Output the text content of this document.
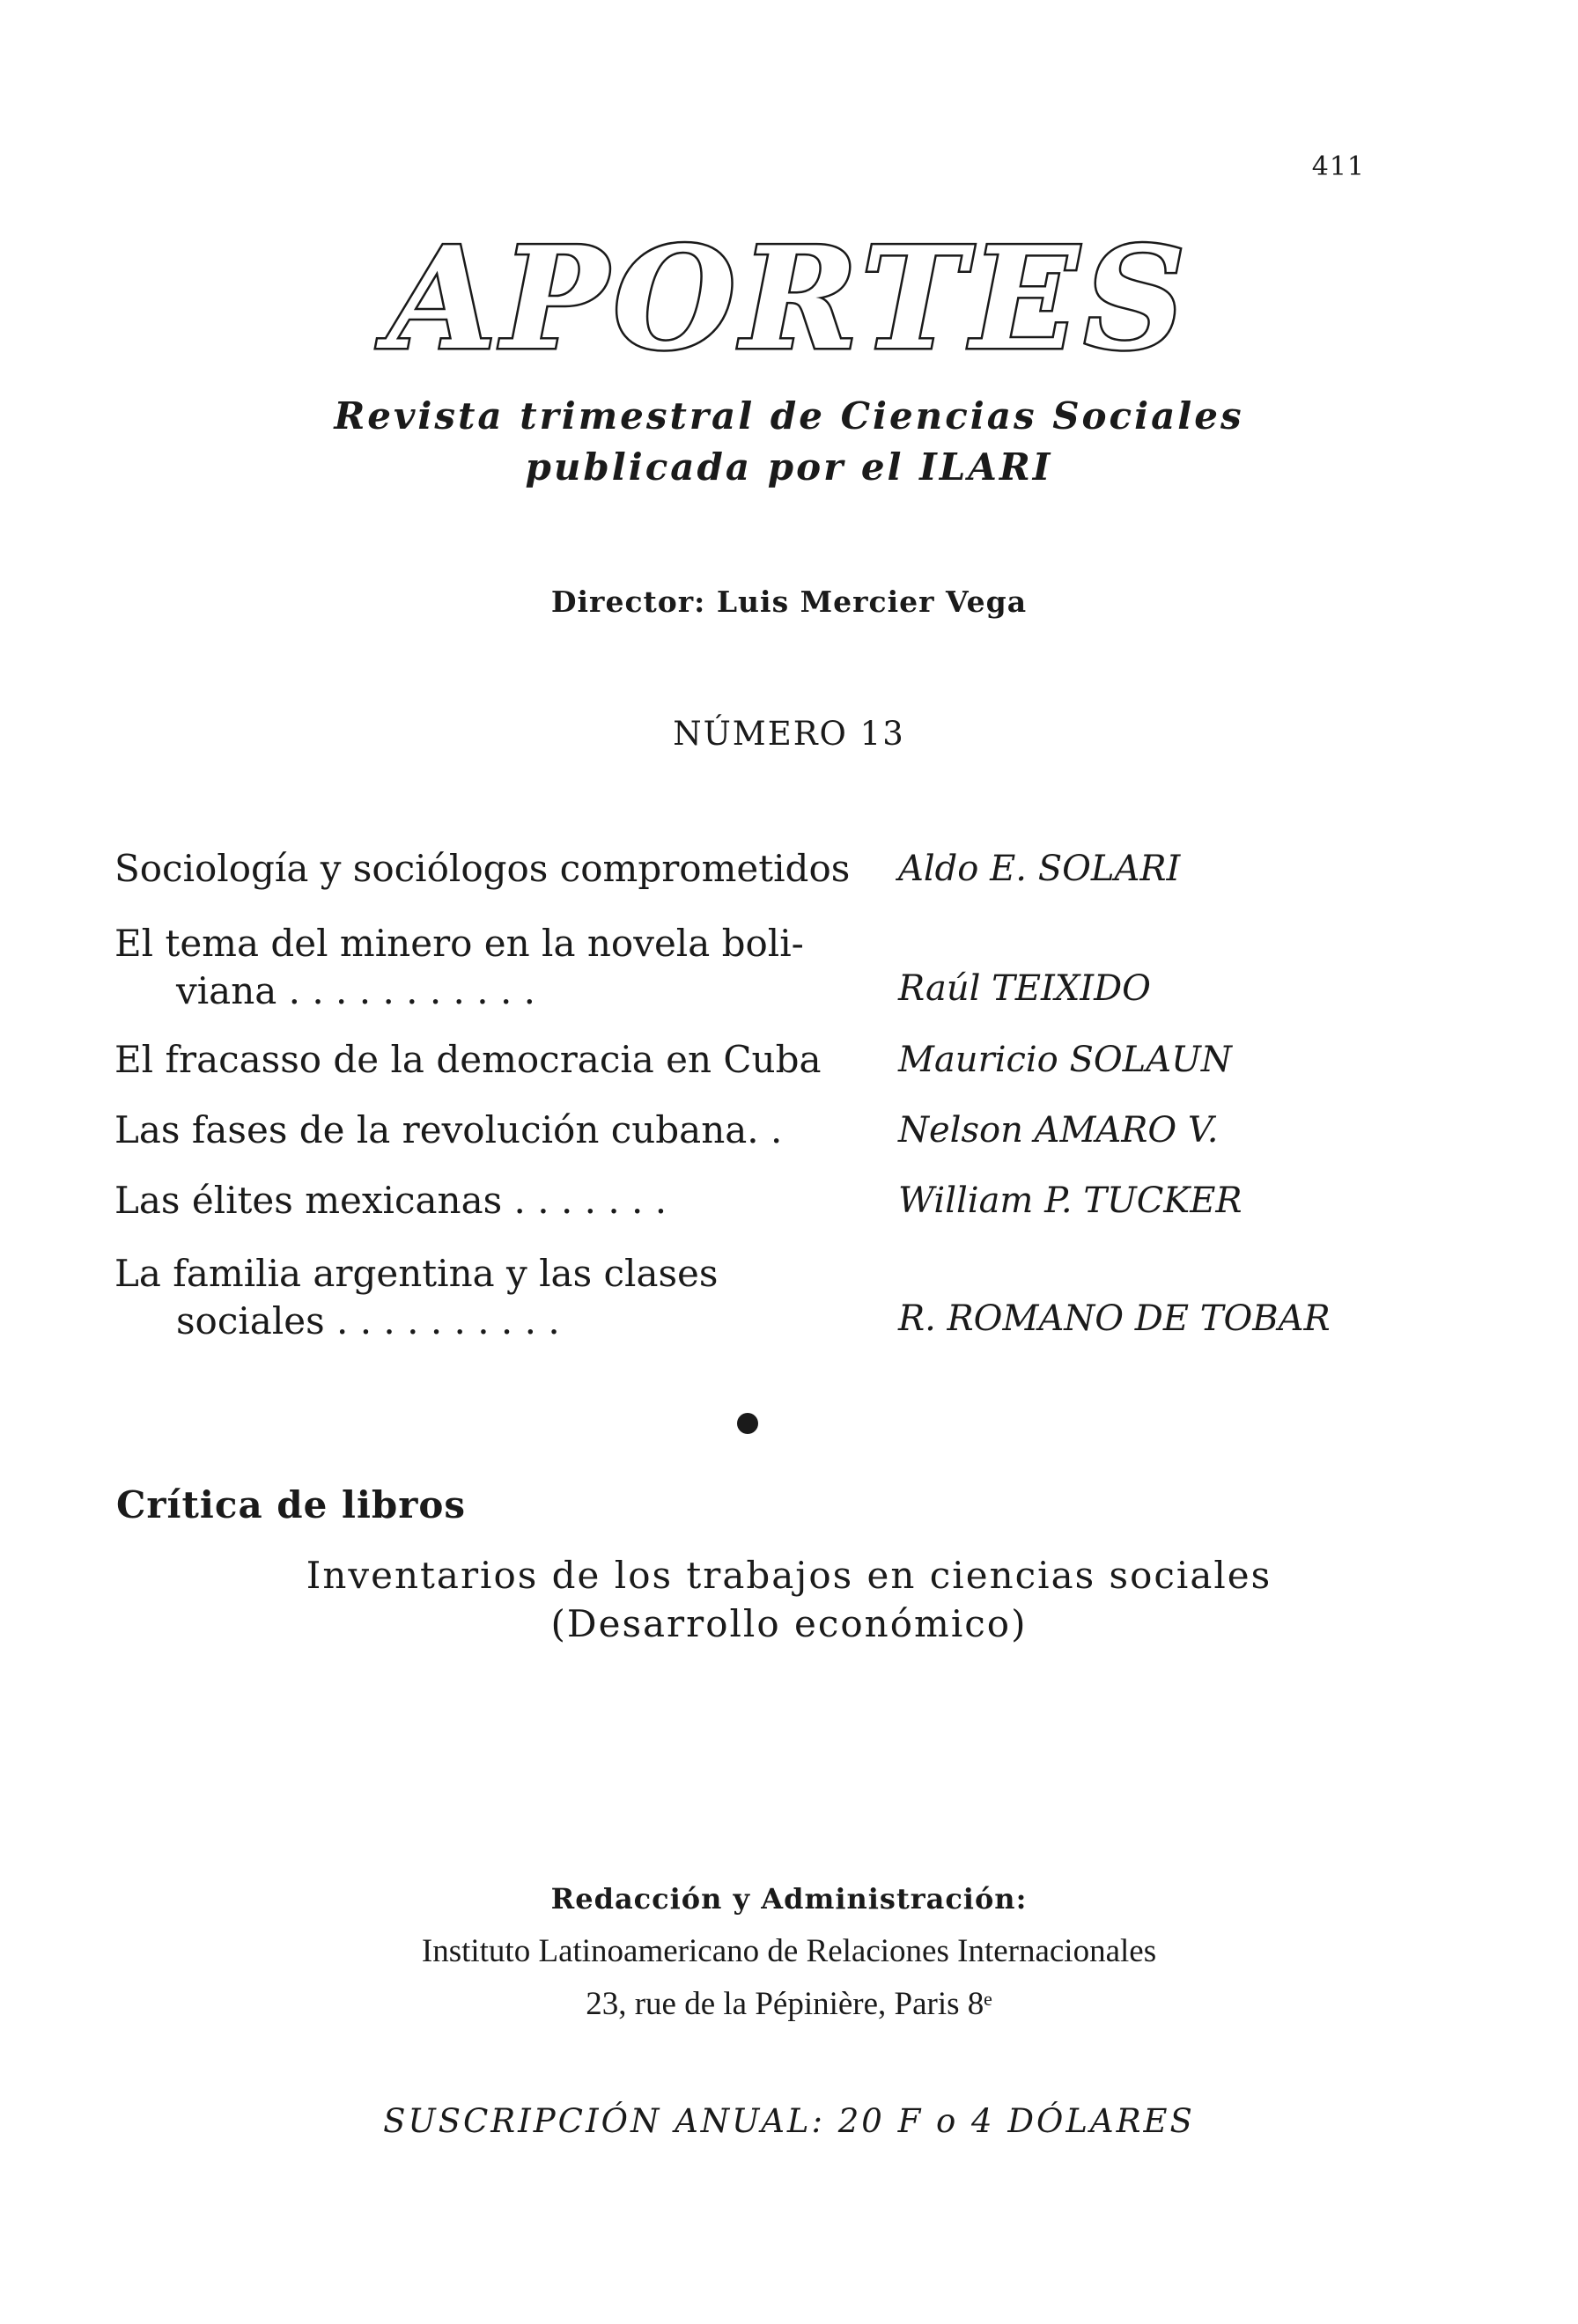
411
APORTES
Revista trimestral de Ciencias Sociales
publicada por el ILARI
Director: Luis Mercier Vega
NÚMERO 13
Sociología y sociólogos comprometidos Aldo E. SOLARI
El tema del minero en la novela boli-
viana . . . . . . . . . . .	Raúl TEIXIDO
El fracasso de la democracia en Cuba Mauricio SOLAUN
Las fases de la revolución cubana. .	Nelson AMARO V.
Las élites mexicanas . . . . . . .	William P. TUCKER
La familia argentina y las clases
sociales . . . . . . . . . .	R. ROMANO DE TOBAR
Crítica de libros
Inventarios de los trabajos en ciencias sociales
(Desarrollo económico)
Redacción y Administración:
Instituto Latinoamericano de Relaciones Internacionales
23, rue de la Pépinière, Paris 8ᵉ
SUSCRIPCIÓN ANUAL: 20 F o 4 DÓLARES
